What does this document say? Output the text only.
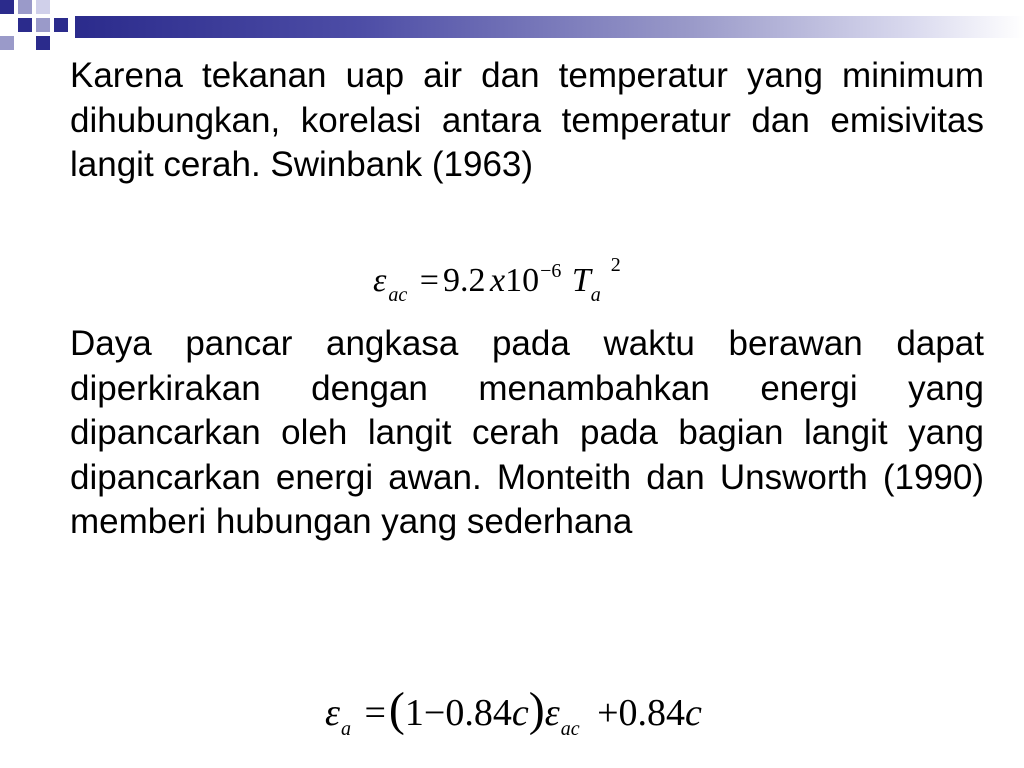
Karena tekanan uap air dan temperatur yang minimum dihubungkan, korelasi antara temperatur dan emisivitas langit cerah. Swinbank (1963)

ε $_{ac}$ = 9.2 $x10^{-6}$ $T_a^2$

Daya pancar angkasa pada waktu berawan dapat diperkirakan dengan menambahkan energi yang dipancarkan oleh langit cerah pada bagian langit yang dipancarkan energi awan. Monteith dan Unsworth (1990) memberi hubungan yang sederhana

$\varepsilon_a =(1-0.84c)\varepsilon_{ac} +0.84c$
